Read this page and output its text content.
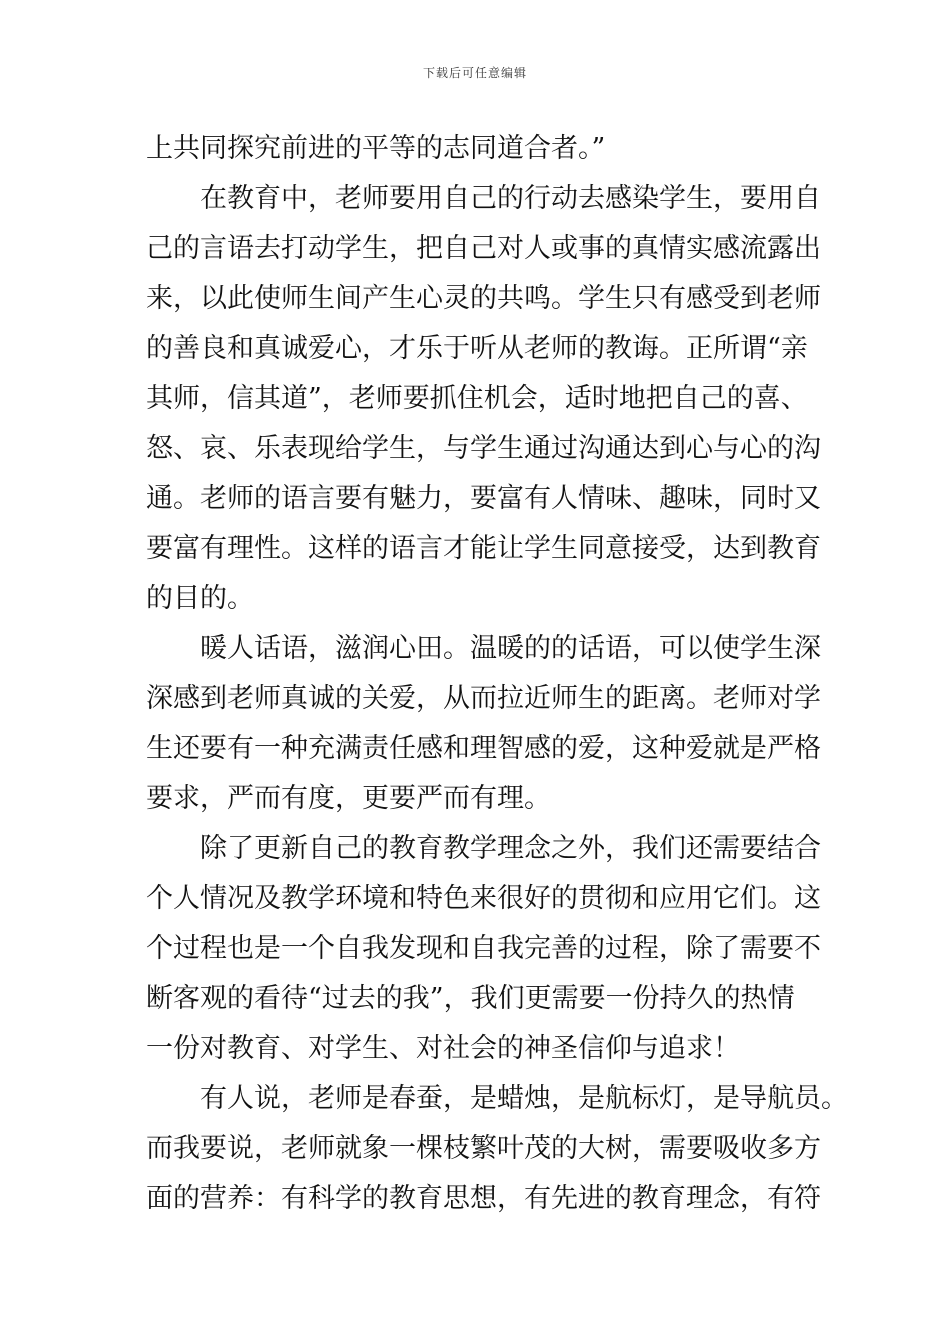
下载后可任意编辑
上共同探究前进的平等的志同道合者。”
在教育中，老师要用自己的行动去感染学生，要用自
己的言语去打动学生，把自己对人或事的真情实感流露出
来，以此使师生间产生心灵的共鸣。学生只有感受到老师
的善良和真诚爱心，才乐于听从老师的教诲。正所谓“亲
其师，信其道”，老师要抓住机会，适时地把自己的喜、
怒、哀、乐表现给学生，与学生通过沟通达到心与心的沟
通。老师的语言要有魅力，要富有人情味、趣味，同时又
要富有理性。这样的语言才能让学生同意接受，达到教育
的目的。
暖人话语，滋润心田。温暖的的话语，可以使学生深
深感到老师真诚的关爱，从而拉近师生的距离。老师对学
生还要有一种充满责任感和理智感的爱，这种爱就是严格
要求，严而有度，更要严而有理。
除了更新自己的教育教学理念之外，我们还需要结合
个人情况及教学环境和特色来很好的贯彻和应用它们。这
个过程也是一个自我发现和自我完善的过程，除了需要不
断客观的看待“过去的我”，我们更需要一份持久的热情
一份对教育、对学生、对社会的神圣信仰与追求！
有人说，老师是春蚕，是蜡烛，是航标灯，是导航员。
而我要说，老师就象一棵枝繁叶茂的大树，需要吸收多方
面的营养：有科学的教育思想，有先进的教育理念，有符
